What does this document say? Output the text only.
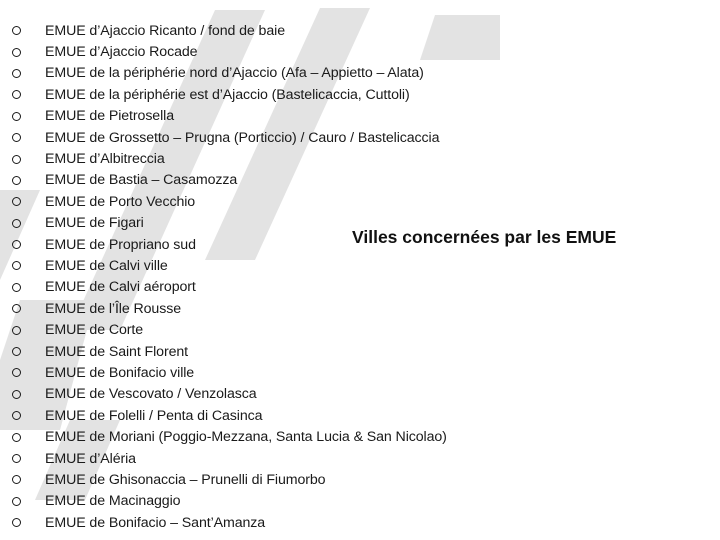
EMUE d’Ajaccio Ricanto / fond de baie
EMUE d’Ajaccio Rocade
EMUE de la périphérie nord d’Ajaccio (Afa – Appietto – Alata)
EMUE de la périphérie est d’Ajaccio (Bastelicaccia, Cuttoli)
EMUE de Pietrosella
EMUE de Grossetto – Prugna (Porticcio) / Cauro / Bastelicaccia
EMUE d’Albitreccia
EMUE de Bastia – Casamozza
EMUE de Porto Vecchio
EMUE de Figari
EMUE de Propriano sud
EMUE de Calvi ville
EMUE de Calvi aéroport
EMUE de l’Île Rousse
EMUE de Corte
EMUE de Saint Florent
EMUE de Bonifacio ville
EMUE de Vescovato / Venzolasca
EMUE de Folelli / Penta di Casinca
EMUE de Moriani (Poggio-Mezzana, Santa Lucia & San Nicolao)
EMUE d’Aléria
EMUE de Ghisonaccia – Prunelli di Fiumorbo
EMUE de Macinaggio
EMUE de Bonifacio – Sant’Amanza
Villes concernées par les EMUE
